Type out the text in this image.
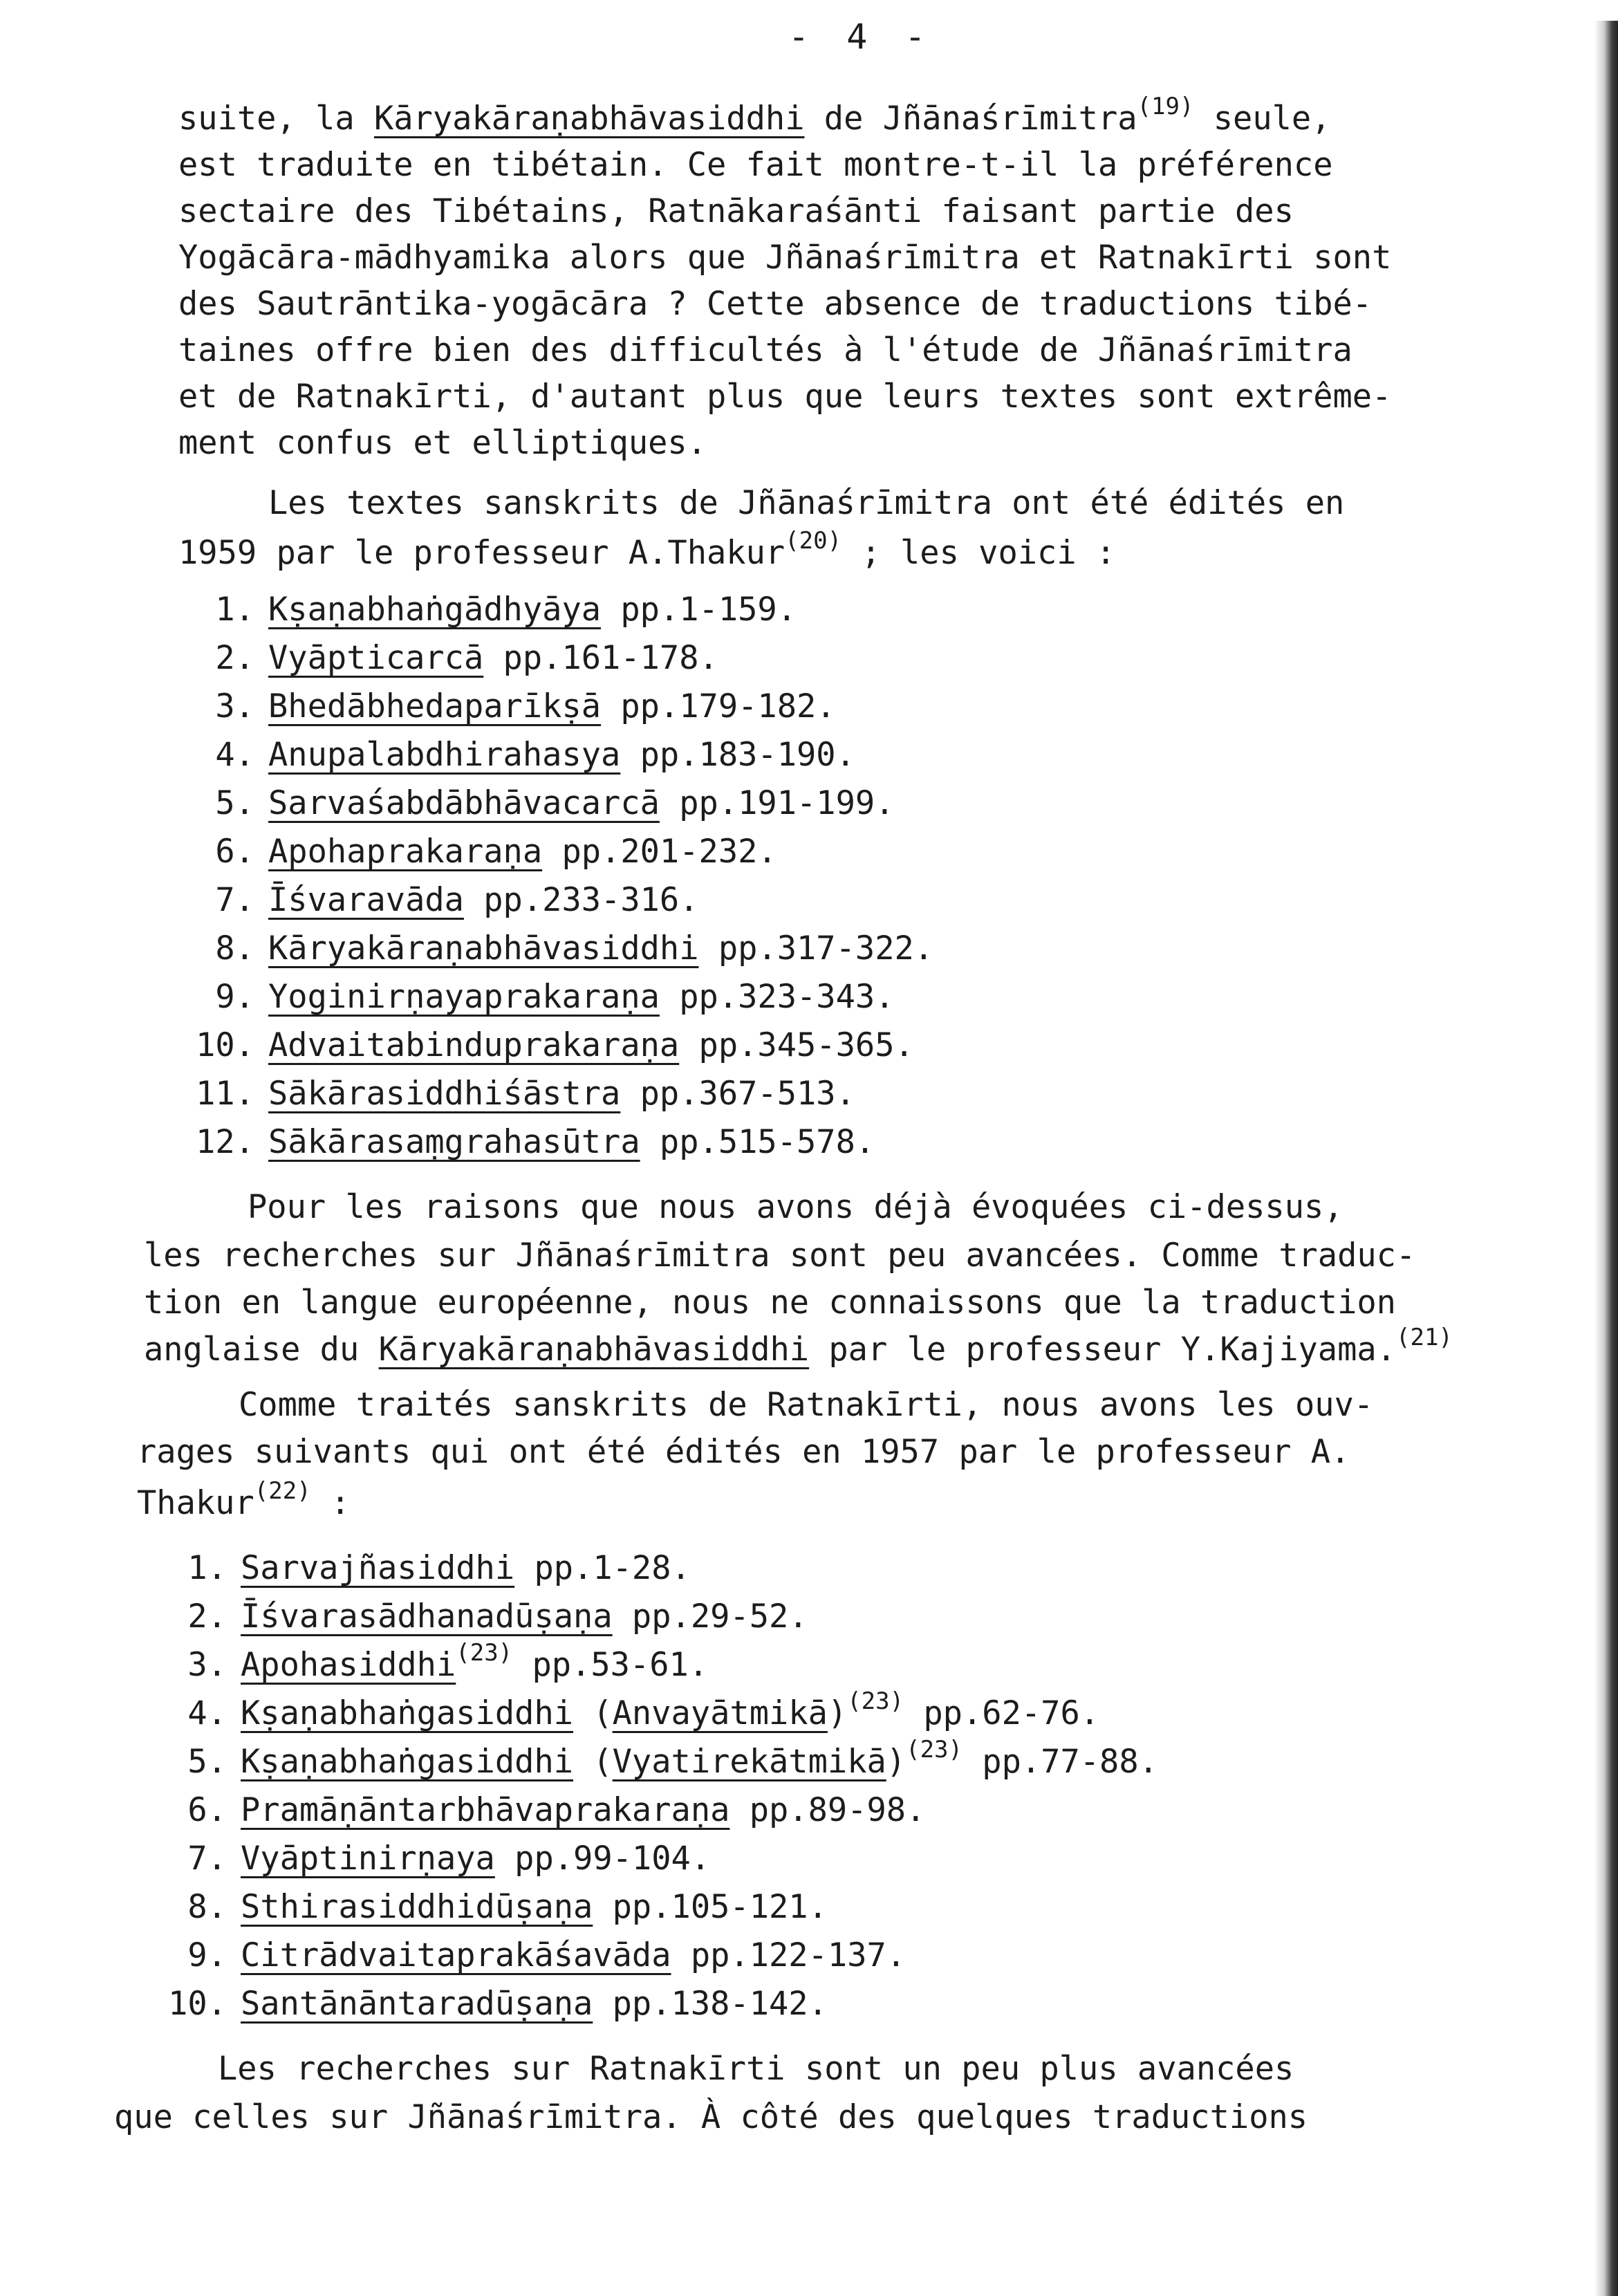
- 4 -
suite, la Kāryakāraṇabhāvasiddhi de Jñānaśrīmitra$^{(19)}$ seule,
est traduite en tibétain. Ce fait montre-t-il la préférence
sectaire des Tibétains, Ratnākaraśānti faisant partie des
Yogācāra-mādhyamika alors que Jñānaśrīmitra et Ratnakīrti sont
des Sautrāntika-yogācāra ? Cette absence de traductions tibé-
taines offre bien des difficultés à l'étude de Jñānaśrīmitra
et de Ratnakīrti, d'autant plus que leurs textes sont extrême-
ment confus et elliptiques.
Les textes sanskrits de Jñānaśrīmitra ont été édités en
1959 par le professeur A.Thakur$^{(20)}$ ; les voici :
1. Kṣaṇabhaṅgādhyāya pp.1-159.
2. Vyāpticarcā pp.161-178.
3. Bhedābhedaparīkṣā pp.179-182.
4. Anupalabdhirahasya pp.183-190.
5. Sarvaśabdābhāvacarcā pp.191-199.
6. Apohaprakaraṇa pp.201-232.
7. Īśvaravāda pp.233-316.
8. Kāryakāraṇabhāvasiddhi pp.317-322.
9. Yoginirṇayaprakaraṇa pp.323-343.
10. Advaitabinduprakaraṇa pp.345-365.
11. Sākārasiddhiśāstra pp.367-513.
12. Sākārasaṃgrahasūtra pp.515-578.
Pour les raisons que nous avons déjà évoquées ci-dessus,
les recherches sur Jñānaśrīmitra sont peu avancées. Comme traduc-
tion en langue européenne, nous ne connaissons que la traduction
anglaise du Kāryakāraṇabhāvasiddhi par le professeur Y.Kajiyama.$^{(21)}$
Comme traités sanskrits de Ratnakīrti, nous avons les ouv-
rages suivants qui ont été édités en 1957 par le professeur A.
Thakur$^{(22)}$ :
1. Sarvajñasiddhi pp.1-28.
2. Īśvarasādhanadūṣaṇa pp.29-52.
3. Apohasiddhi$^{(23)}$ pp.53-61.
4. Kṣaṇabhaṅgasiddhi (Anvayātmikā)$^{(23)}$ pp.62-76.
5. Kṣaṇabhaṅgasiddhi (Vyatirekātmikā)$^{(23)}$ pp.77-88.
6. Pramāṇāntarbhāvaprakaraṇa pp.89-98.
7. Vyāptinirṇaya pp.99-104.
8. Sthirasiddhidūṣaṇa pp.105-121.
9. Citrādvaitaprakāśavāda pp.122-137.
10. Santānāntaradūṣaṇa pp.138-142.
Les recherches sur Ratnakīrti sont un peu plus avancées
que celles sur Jñānaśrīmitra. À côté des quelques traductions
